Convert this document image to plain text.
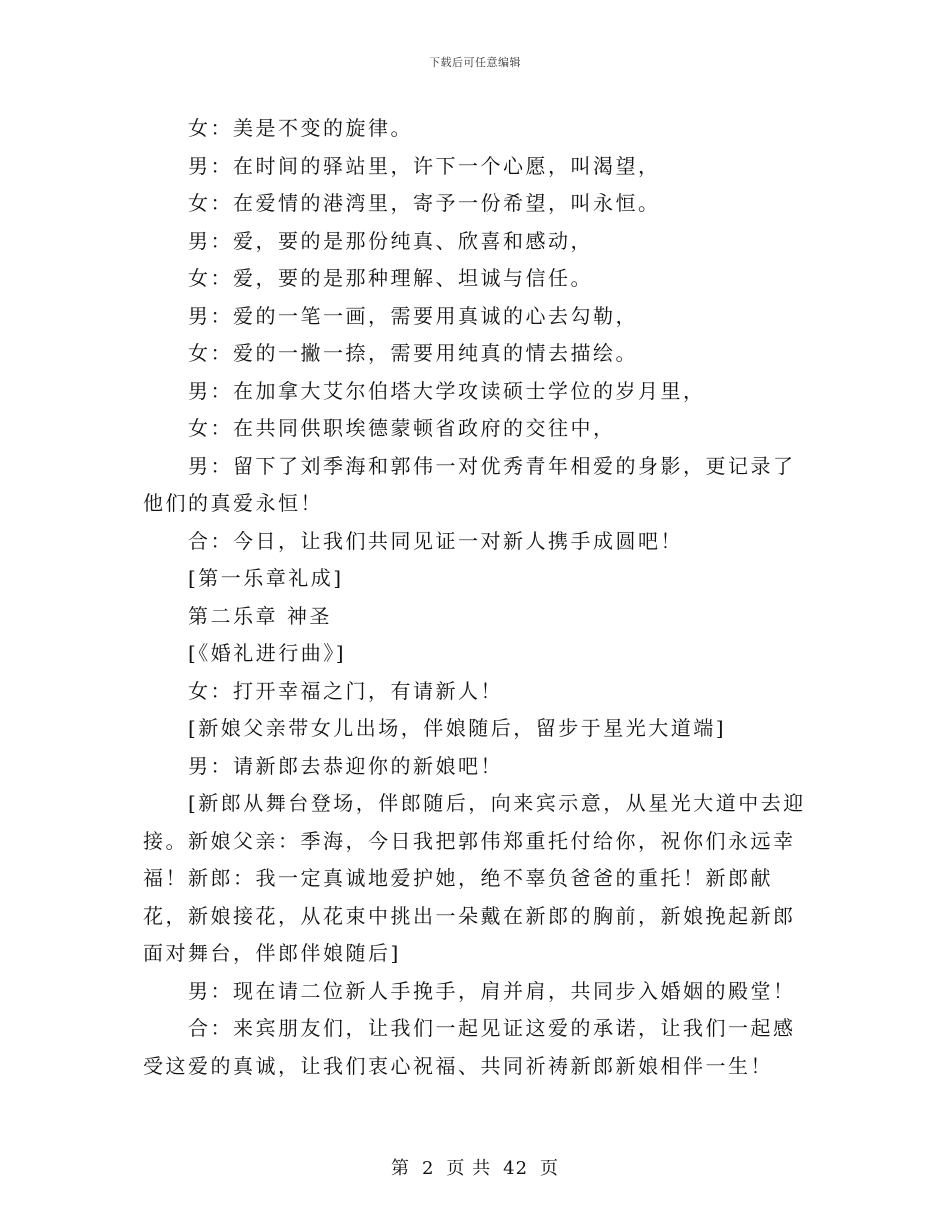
下载后可任意编辑

女：美是不变的旋律。

男：在时间的驿站里，许下一个心愿，叫渴望，

女：在爱情的港湾里，寄予一份希望，叫永恒。

男：爱，要的是那份纯真、欣喜和感动，

女：爱，要的是那种理解、坦诚与信任。

男：爱的一笔一画，需要用真诚的心去勾勒，

女：爱的一撇一捺，需要用纯真的情去描绘。

男：在加拿大艾尔伯塔大学攻读硕士学位的岁月里，

女：在共同供职埃德蒙顿省政府的交往中，

男：留下了刘季海和郭伟一对优秀青年相爱的身影，更记录了他们的真爱永恒！

合：今日，让我们共同见证一对新人携手成圆吧！

[第一乐章礼成]

第二乐章 神圣

[《婚礼进行曲》]

女：打开幸福之门，有请新人！

[新娘父亲带女儿出场，伴娘随后，留步于星光大道端]

男：请新郎去恭迎你的新娘吧！

[新郎从舞台登场，伴郎随后，向来宾示意，从星光大道中去迎接。新娘父亲：季海，今日我把郭伟郑重托付给你，祝你们永远幸福！新郎：我一定真诚地爱护她，绝不辜负爸爸的重托！新郎献花，新娘接花，从花束中挑出一朵戴在新郎的胸前，新娘挽起新郎面对舞台，伴郎伴娘随后]

男：现在请二位新人手挽手，肩并肩，共同步入婚姻的殿堂！

合：来宾朋友们，让我们一起见证这爱的承诺，让我们一起感受这爱的真诚，让我们衷心祝福、共同祈祷新郎新娘相伴一生！

第 2 页 共 42 页
